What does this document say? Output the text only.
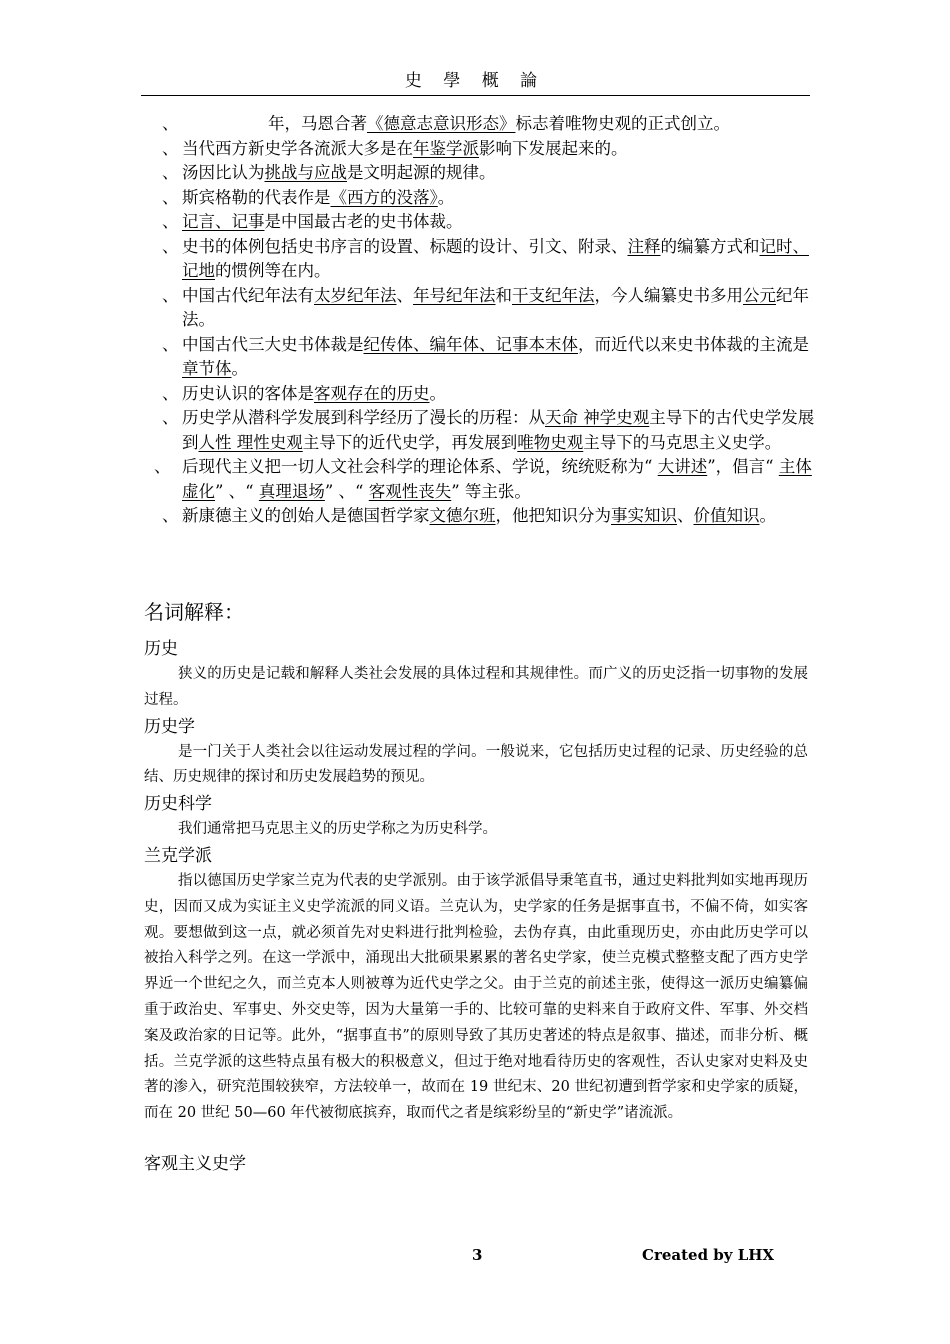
史 學 概 論
、	年，马恩合著《德意志意识形态》标志着唯物史观的正式创立。
、 当代西方新史学各流派大多是在年鉴学派影响下发展起来的。
、 汤因比认为挑战与应战是文明起源的规律。
、 斯宾格勒的代表作是《西方的没落》。
、 记言、记事是中国最古老的史书体裁。
、 史书的体例包括史书序言的设置、标题的设计、引文、附录、注释的编纂方式和记时、记地的惯例等在内。
、 中国古代纪年法有太岁纪年法、年号纪年法和干支纪年法，今人编纂史书多用公元纪年法。
、 中国古代三大史书体裁是纪传体、编年体、记事本末体，而近代以来史书体裁的主流是章节体。
、 历史认识的客体是客观存在的历史。
、 历史学从潜科学发展到科学经历了漫长的历程：从天命 神学史观主导下的古代史学发展到人性 理性史观主导下的近代史学，再发展到唯物史观主导下的马克思主义史学。
、 后现代主义把一切人文社会科学的理论体系、学说，统统贬称为“ 大讲述”，倡言“ 主体虚化” 、“ 真理退场” 、“ 客观性丧失” 等主张。
、 新康德主义的创始人是德国哲学家文德尔班，他把知识分为事实知识、价值知识。
名词解释：

历史

狭义的历史是记载和解释人类社会发展的具体过程和其规律性。而广义的历史泛指一切事物的发展过程。

历史学

是一门关于人类社会以往运动发展过程的学问。一般说来，它包括历史过程的记录、历史经验的总结、历史规律的探讨和历史发展趋势的预见。

历史科学

我们通常把马克思主义的历史学称之为历史科学。

兰克学派

指以德国历史学家兰克为代表的史学派别。由于该学派倡导秉笔直书，通过史料批判如实地再现历史，因而又成为实证主义史学流派的同义语。兰克认为，史学家的任务是据事直书，不偏不倚，如实客观。要想做到这一点，就必须首先对史料进行批判检验，去伪存真，由此重现历史，亦由此历史学可以被抬入科学之列。在这一学派中，涌现出大批硕果累累的著名史学家，使兰克模式整整支配了西方史学界近一个世纪之久，而兰克本人则被尊为近代史学之父。由于兰克的前述主张，使得这一派历史编纂偏重于政治史、军事史、外交史等，因为大量第一手的、比较可靠的史料来自于政府文件、军事、外交档案及政治家的日记等。此外，“据事直书”的原则导致了其历史著述的特点是叙事、描述，而非分析、概括。兰克学派的这些特点虽有极大的积极意义，但过于绝对地看待历史的客观性，否认史家对史料及史著的渗入，研究范围较狭窄，方法较单一，故而在 19 世纪末、20 世纪初遭到哲学家和史学家的质疑，而在 20 世纪 50—60 年代被彻底摈弃，取而代之者是缤彩纷呈的“新史学”诸流派。

客观主义史学

3	Created by LHX
